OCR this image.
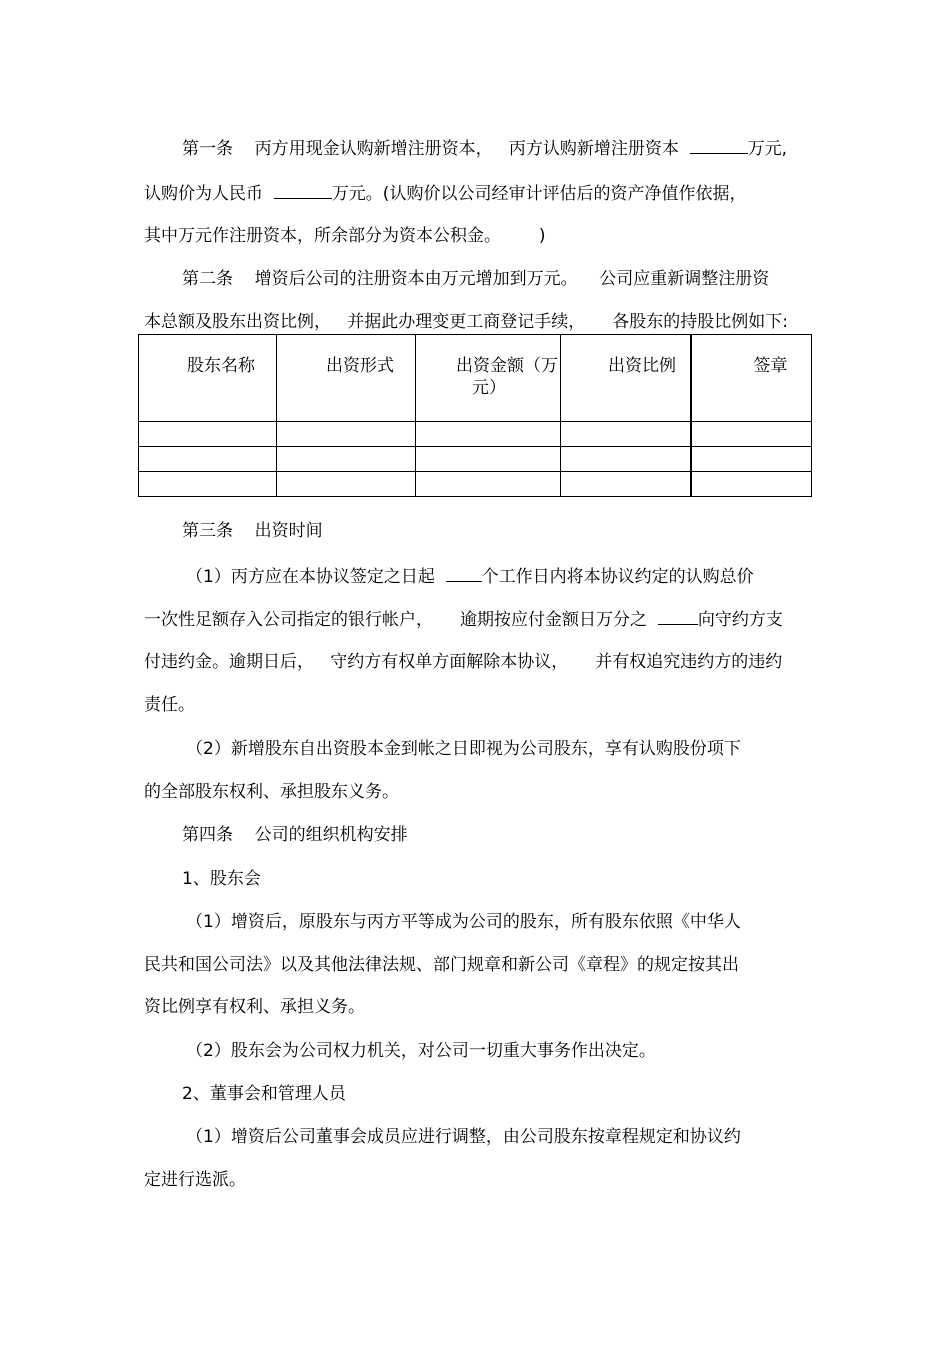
第一条    丙方用现金认购新增注册资本，   丙方认购新增注册资本	万元,
认购价为人民币	万元。(认购价以公司经审计评估后的资产净值作依据，
其中万元作注册资本，所余部分为资本公积金。       )
第二条    增资后公司的注册资本由万元增加到万元。    公司应重新调整注册资
本总额及股东出资比例，   并据此办理变更工商登记手续，     各股东的持股比例如下:
股东名称	出资形式	出资金额（万
元）	出资比例	签章

第三条    出资时间
（1）丙方应在本协议签定之日起  个工作日内将本协议约定的认购总价
一次性足额存入公司指定的银行帐户，     逾期按应付金额日万分之  向守约方支
付违约金。逾期日后，   守约方有权单方面解除本协议，     并有权追究违约方的违约
责任。
（2）新增股东自出资股本金到帐之日即视为公司股东，享有认购股份项下
的全部股东权利、承担股东义务。
第四条    公司的组织机构安排
1、股东会
（1）增资后，原股东与丙方平等成为公司的股东，所有股东依照《中华人
民共和国公司法》以及其他法律法规、部门规章和新公司《章程》的规定按其出
资比例享有权利、承担义务。
（2）股东会为公司权力机关，对公司一切重大事务作出决定。
2、董事会和管理人员
（1）增资后公司董事会成员应进行调整，由公司股东按章程规定和协议约
定进行选派。
